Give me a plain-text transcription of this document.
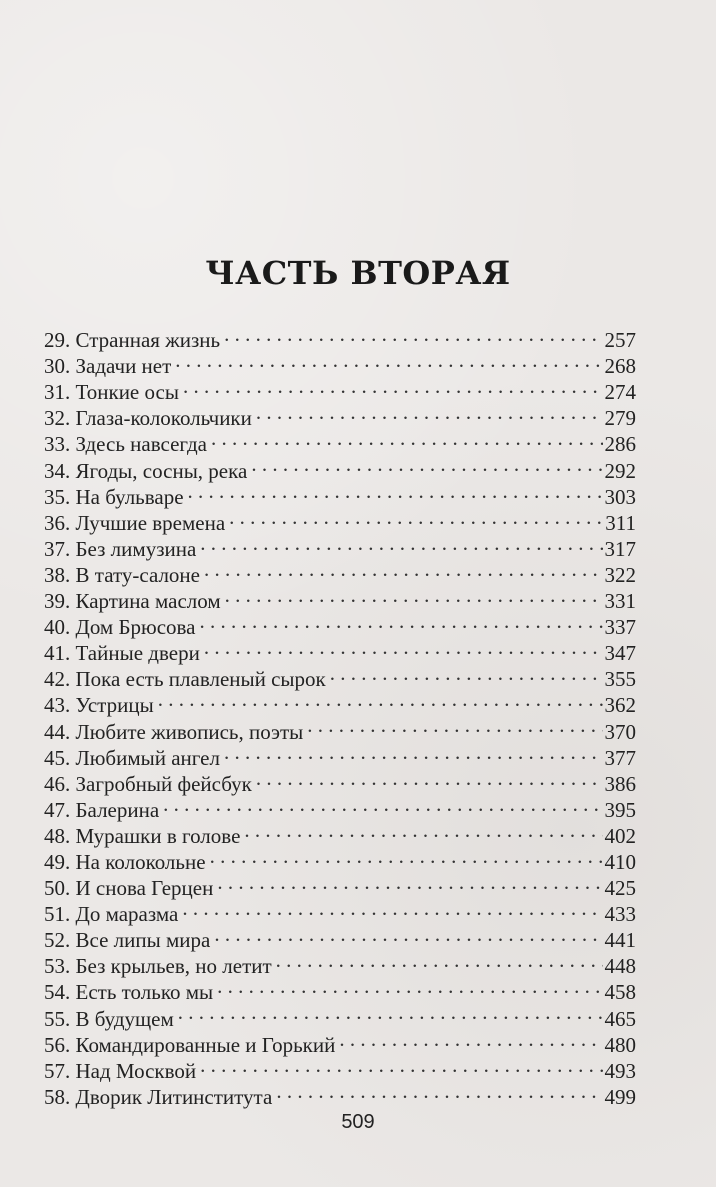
ЧАСТЬ ВТОРАЯ
29. Странная жизнь . . .	257
30. Задачи нет . . .	268
31. Тонкие осы . . .	274
32. Глаза-колокольчики . . .	279
33. Здесь навсегда . . .	286
34. Ягоды, сосны, река . . .	292
35. На бульваре . . .	303
36. Лучшие времена . . .	311
37. Без лимузина . . .	317
38. В тату-салоне . . .	322
39. Картина маслом . . .	331
40. Дом Брюсова . . .	337
41. Тайные двери . . .	347
42. Пока есть плавленый сырок . . .	355
43. Устрицы . . .	362
44. Любите живопись, поэты . . .	370
45. Любимый ангел . . .	377
46. Загробный фейсбук . . .	386
47. Балерина . . .	395
48. Мурашки в голове . . .	402
49. На колокольне . . .	410
50. И снова Герцен . . .	425
51. До маразма . . .	433
52. Все липы мира . . .	441
53. Без крыльев, но летит . . .	448
54. Есть только мы . . .	458
55. В будущем . . .	465
56. Командированные и Горький . . .	480
57. Над Москвой . . .	493
58. Дворик Литинститута . . .	499
509
